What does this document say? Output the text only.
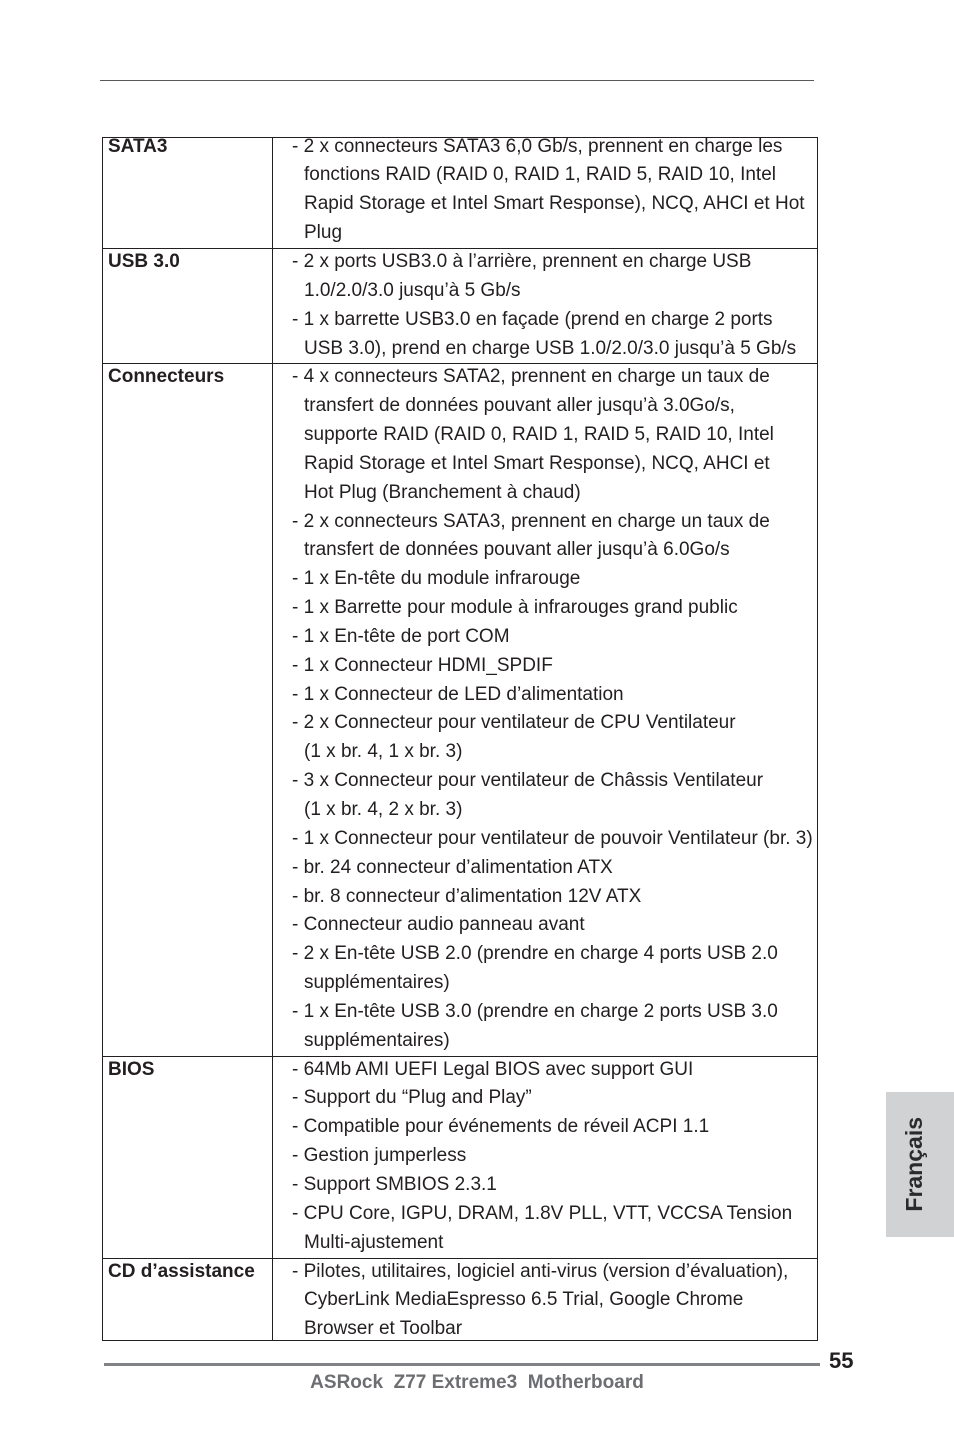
SATA3	- 2 x connecteurs SATA3 6,0 Gb/s, prennent en charge les
fonctions RAID (RAID 0, RAID 1, RAID 5, RAID 10, Intel
Rapid Storage et Intel Smart Response), NCQ, AHCI et Hot
Plug
USB 3.0	- 2 x ports USB3.0 à l’arrière, prennent en charge USB
1.0/2.0/3.0 jusqu’à 5 Gb/s
- 1 x barrette USB3.0 en façade (prend en charge 2 ports
USB 3.0), prend en charge USB 1.0/2.0/3.0 jusqu’à 5 Gb/s
Connecteurs	- 4 x connecteurs SATA2, prennent en charge un taux de
transfert de données pouvant aller jusqu’à 3.0Go/s,
supporte RAID (RAID 0, RAID 1, RAID 5, RAID 10, Intel
Rapid Storage et Intel Smart Response), NCQ, AHCI et
Hot Plug (Branchement à chaud)
- 2 x connecteurs SATA3, prennent en charge un taux de
transfert de données pouvant aller jusqu’à 6.0Go/s
- 1 x En-tête du module infrarouge
- 1 x Barrette pour module à infrarouges grand public
- 1 x En-tête de port COM
- 1 x Connecteur HDMI_SPDIF
- 1 x Connecteur de LED d’alimentation
- 2 x Connecteur pour ventilateur de CPU Ventilateur
(1 x br. 4, 1 x br. 3)
- 3 x Connecteur pour ventilateur de Châssis Ventilateur
(1 x br. 4, 2 x br. 3)
- 1 x Connecteur pour ventilateur de pouvoir Ventilateur (br. 3)
- br. 24 connecteur d’alimentation ATX
- br. 8 connecteur d’alimentation 12V ATX
- Connecteur audio panneau avant
- 2 x En-tête USB 2.0 (prendre en charge 4 ports USB 2.0
supplémentaires)
- 1 x En-tête USB 3.0 (prendre en charge 2 ports USB 3.0
supplémentaires)
BIOS	- 64Mb AMI UEFI Legal BIOS avec support GUI
- Support du “Plug and Play”
- Compatible pour événements de réveil ACPI 1.1
- Gestion jumperless
- Support SMBIOS 2.3.1
- CPU Core, IGPU, DRAM, 1.8V PLL, VTT, VCCSA Tension
Multi-ajustement
CD d’assistance	- Pilotes, utilitaires, logiciel anti-virus (version d’évaluation),
CyberLink MediaEspresso 6.5 Trial, Google Chrome
Browser et Toolbar
Français
55
ASRock  Z77 Extreme3  Motherboard
